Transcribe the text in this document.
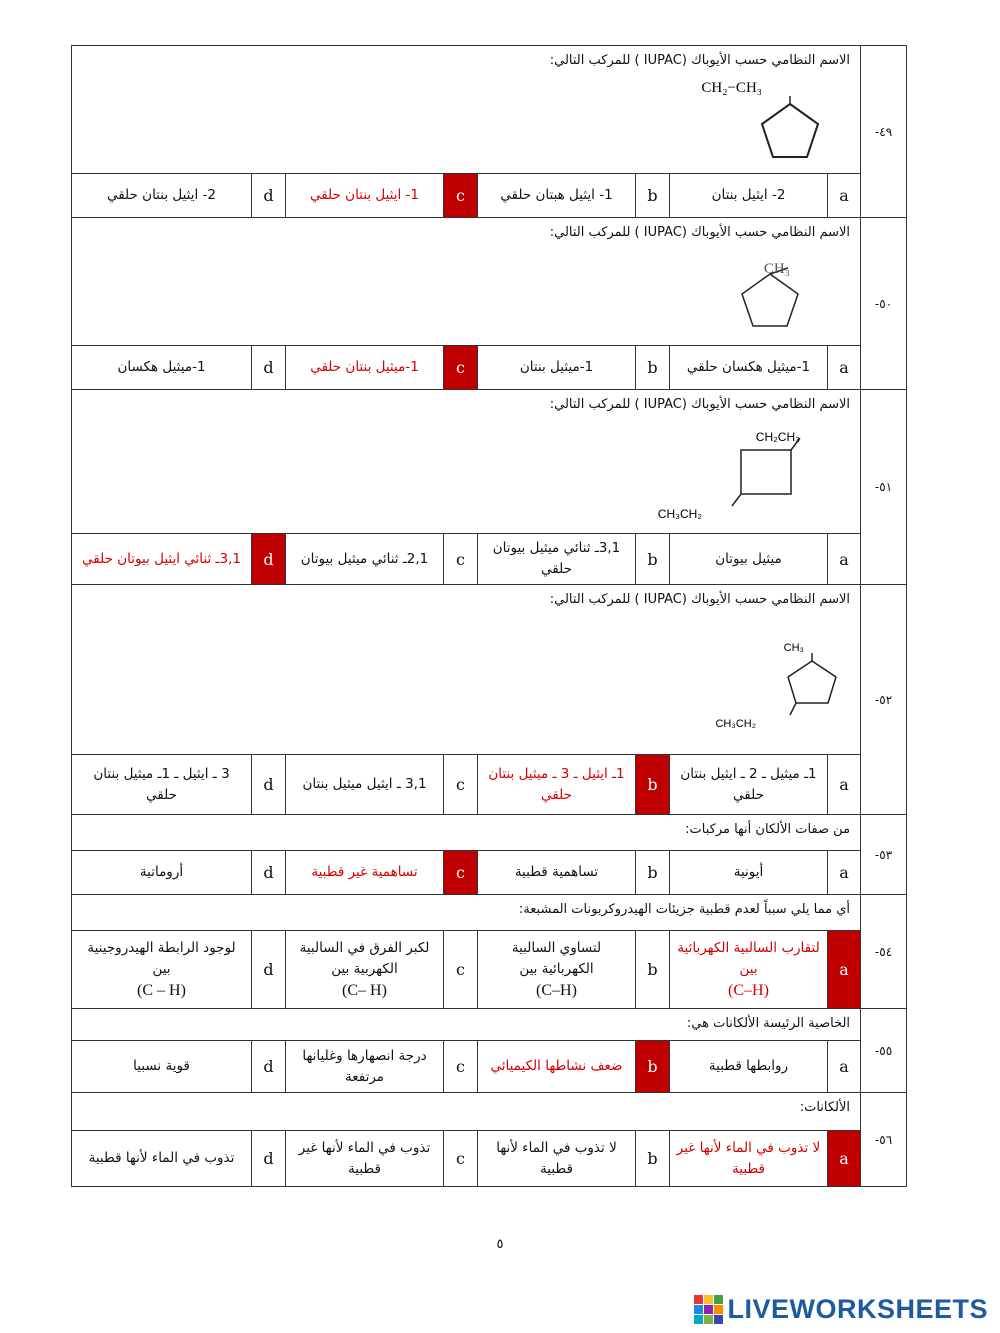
الاسم النظامي حسب الأيوباك (IUPAC ) للمركب التالي:
CH₂−CH₃								-٤٩
2- ايثيل بنتان حلقي	d	1- ايثيل بنتان حلقي	c	1- ايثيل هبتان حلقي	b	2- ايثيل بنتان	a	

الاسم النظامي حسب الأيوباك (IUPAC ) للمركب التالي:
CH₃								-٥٠
1-ميثيل هكسان	d	1-ميثيل بنتان حلقي	c	1-ميثيل بنتان	b	1-ميثيل هكسان حلقي	a	

الاسم النظامي حسب الأيوباك (IUPAC ) للمركب التالي:
CH₂CH₃
CH₃CH₂								-٥١
3,1ـ ثنائي ايثيل بيوتان حلقي	d	2,1ـ ثنائي ميثيل بيوتان	c	3,1ـ ثنائي ميثيل بيوتان حلقي	b	ميثيل بيوتان	a	

الاسم النظامي حسب الأيوباك (IUPAC ) للمركب التالي:
CH₃
CH₃CH₂								-٥٢
3 ـ ايثيل ـ 1ـ ميثيل بنتان حلقي	d	3,1 ـ ايثيل ميثيل بنتان	c	1ـ ايثيل ـ 3 ـ ميثيل بنتان حلقي	b	1ـ ميثيل ـ 2 ـ ايثيل بنتان حلقي	a	

من صفات الألكان أنها مركبات:								-٥٣
أروماتية	d	تساهمية غير قطبية	c	تساهمية قطبية	b	أيونية	a	

أي مما يلي سبباً لعدم قطبية جزيئات الهيدروكربونات المشبعة:								-٥٤
لوجود الرابطة الهيدروجينية بين
(C – H)	d	لكبر الفرق في السالبية الكهربية بين
(C– H)	c	لتساوي السالبية الكهربائية بين
(C–H)	b	لتقارب السالبية الكهربائية بين
(C–H)	a	

الخاصية الرئيسة الألكانات هي:								-٥٥
قوية نسبيا	d	درجة انصهارها وغليانها مرتفعة	c	ضعف نشاطها الكيميائي	b	روابطها قطبية	a	

الألكانات:								-٥٦
تذوب في الماء لأنها قطبية	d	تذوب في الماء لأنها غير قطبية	c	لا تذوب في الماء لأنها قطبية	b	لا تذوب في الماء لأنها غير قطبية	a	
٥
LIVEWORKSHEETS
